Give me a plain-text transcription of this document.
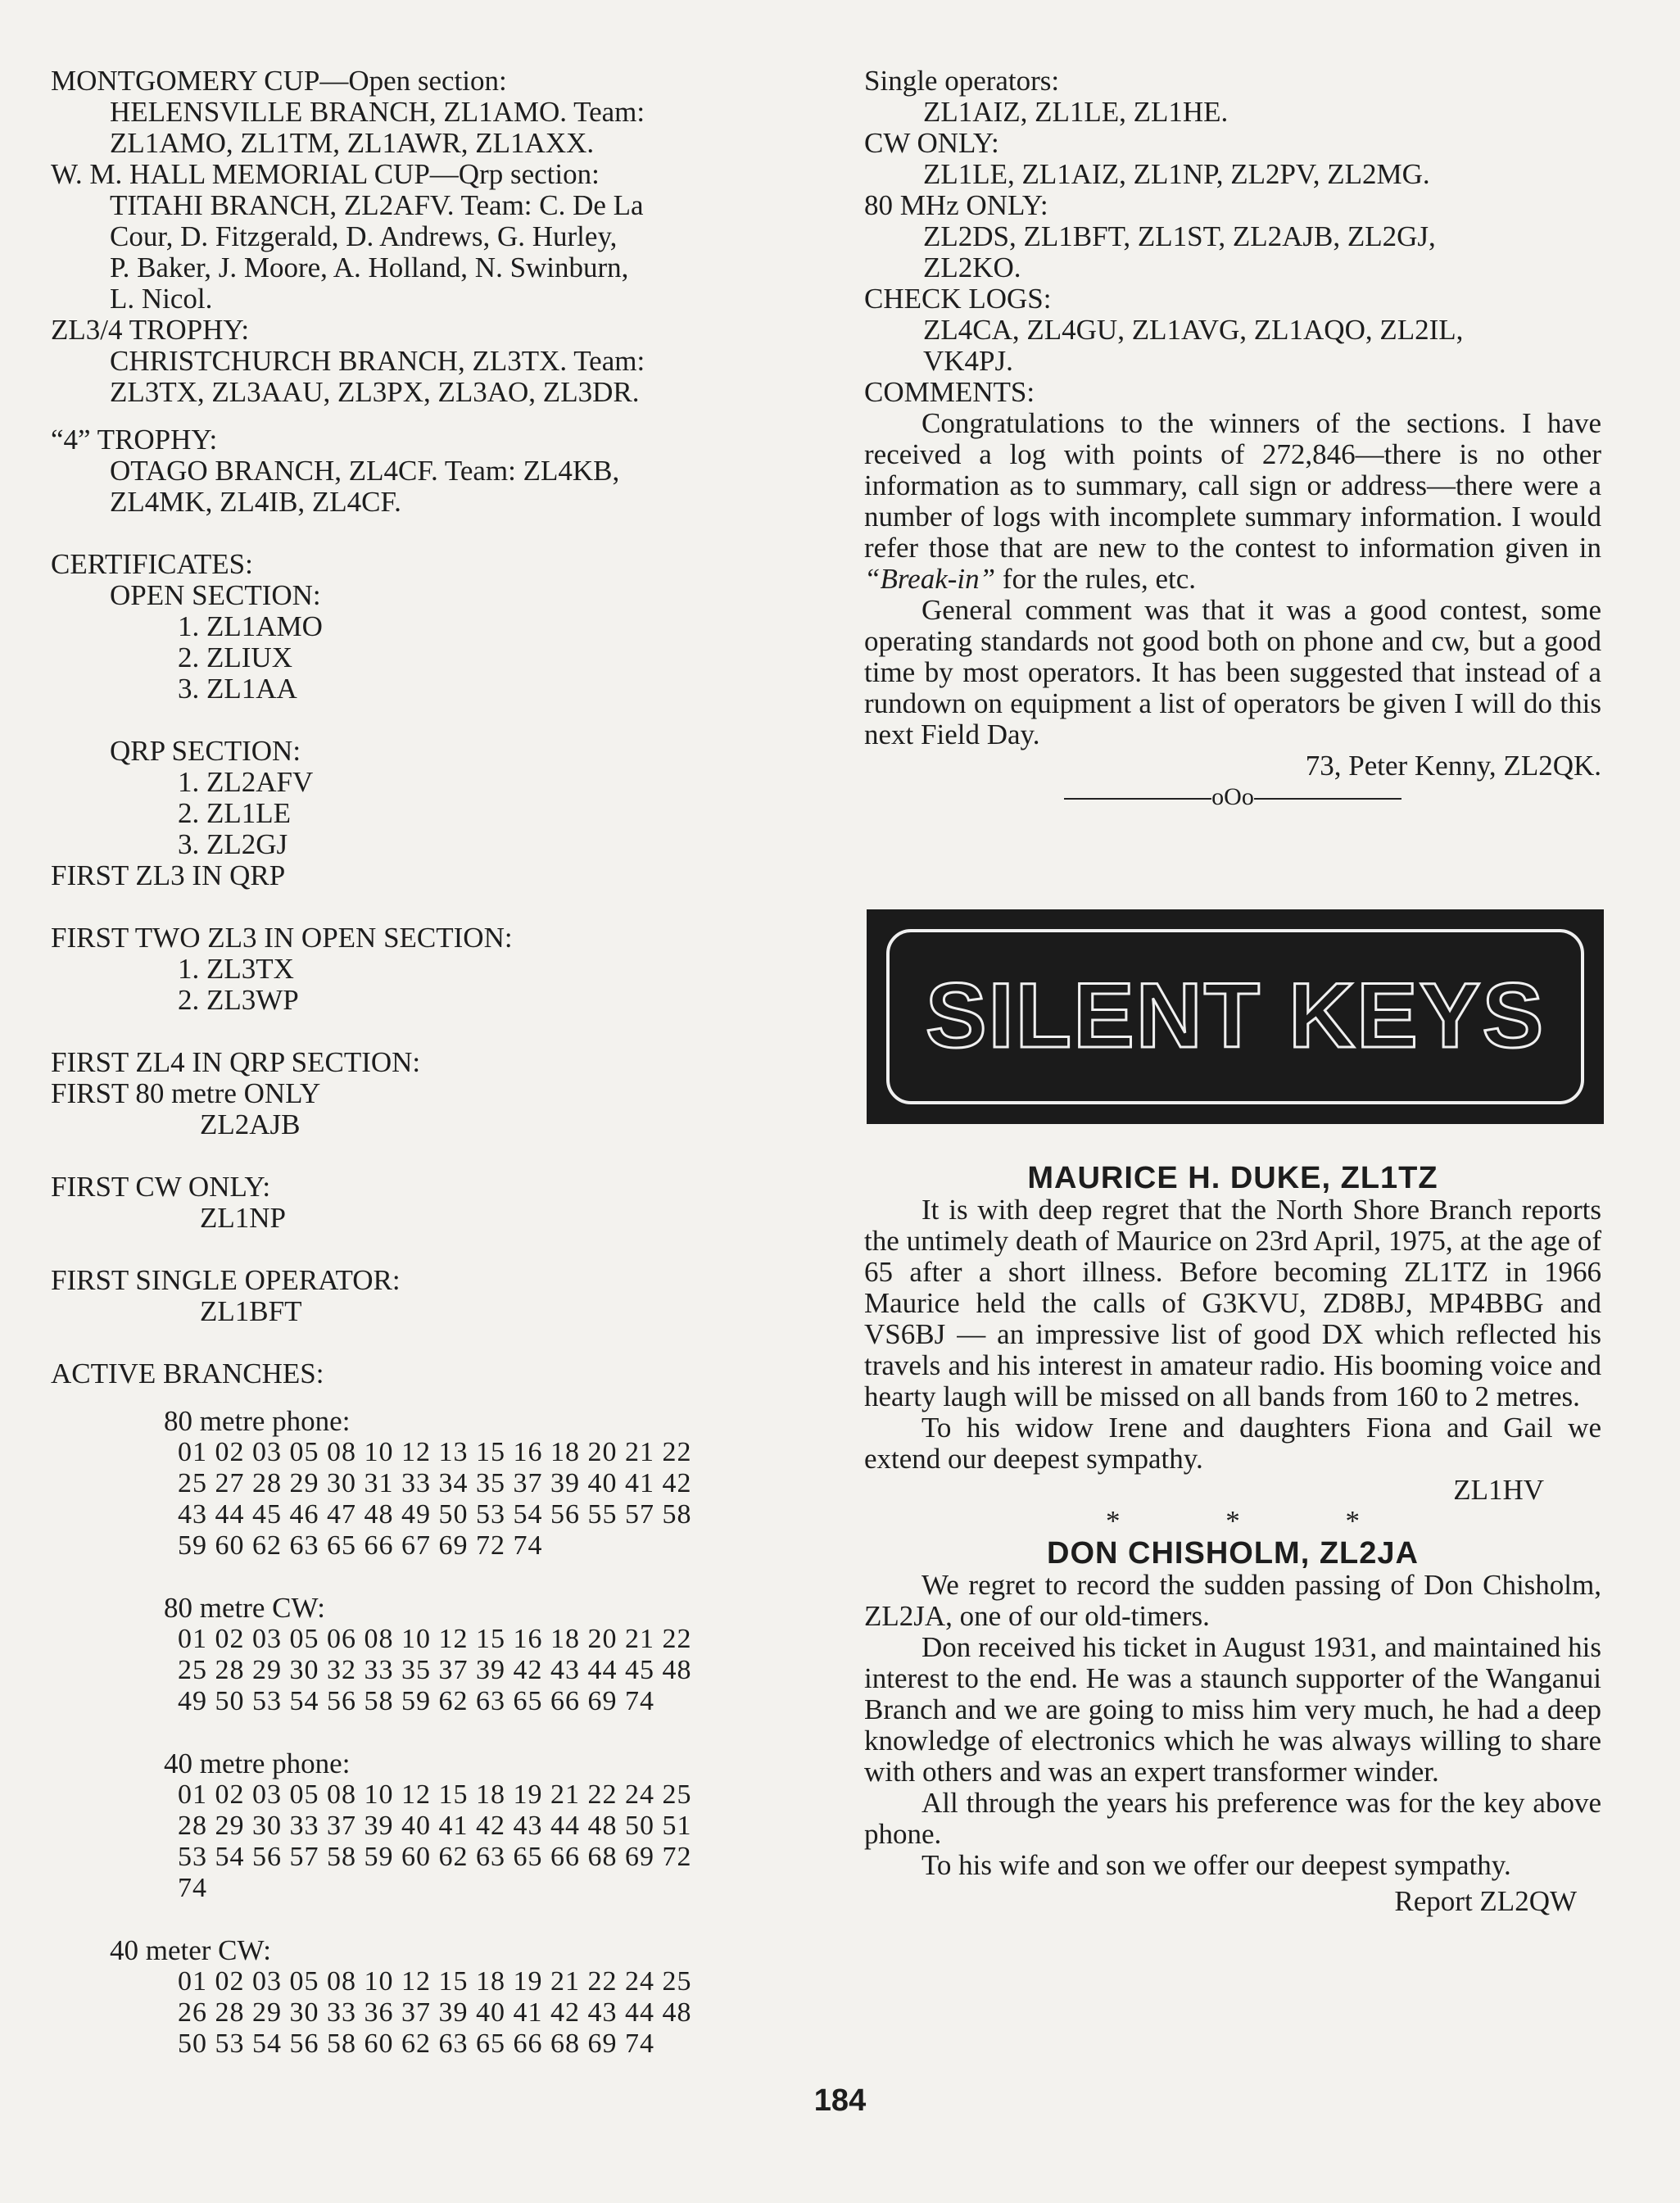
MONTGOMERY CUP—Open section:
HELENSVILLE BRANCH, ZL1AMO. Team:
ZL1AMO, ZL1TM, ZL1AWR, ZL1AXX.
W. M. HALL MEMORIAL CUP—Qrp section:
TITAHI BRANCH, ZL2AFV. Team: C. De La
Cour, D. Fitzgerald, D. Andrews, G. Hurley,
P. Baker, J. Moore, A. Holland, N. Swinburn,
L. Nicol.
ZL3/4 TROPHY:
CHRISTCHURCH BRANCH, ZL3TX. Team:
ZL3TX, ZL3AAU, ZL3PX, ZL3AO, ZL3DR.
“4” TROPHY:
OTAGO BRANCH, ZL4CF. Team: ZL4KB,
ZL4MK, ZL4IB, ZL4CF.
CERTIFICATES:
OPEN SECTION:
1. ZL1AMO
2. ZLIUX
3. ZL1AA
QRP SECTION:
1. ZL2AFV
2. ZL1LE
3. ZL2GJ
FIRST ZL3 IN QRP
FIRST TWO ZL3 IN OPEN SECTION:
1. ZL3TX
2. ZL3WP
FIRST ZL4 IN QRP SECTION:
FIRST 80 metre ONLY
ZL2AJB
FIRST CW ONLY:
ZL1NP
FIRST SINGLE OPERATOR:
ZL1BFT
ACTIVE BRANCHES:
80 metre phone:
01 02 03 05 08 10 12 13 15 16 18 20 21 22
25 27 28 29 30 31 33 34 35 37 39 40 41 42
43 44 45 46 47 48 49 50 53 54 56 55 57 58
59 60 62 63 65 66 67 69 72 74
80 metre CW:
01 02 03 05 06 08 10 12 15 16 18 20 21 22
25 28 29 30 32 33 35 37 39 42 43 44 45 48
49 50 53 54 56 58 59 62 63 65 66 69 74
40 metre phone:
01 02 03 05 08 10 12 15 18 19 21 22 24 25
28 29 30 33 37 39 40 41 42 43 44 48 50 51
53 54 56 57 58 59 60 62 63 65 66 68 69 72
74
40 meter CW:
01 02 03 05 08 10 12 15 18 19 21 22 24 25
26 28 29 30 33 36 37 39 40 41 42 43 44 48
50 53 54 56 58 60 62 63 65 66 68 69 74
Single operators:
ZL1AIZ, ZL1LE, ZL1HE.
CW ONLY:
ZL1LE, ZL1AIZ, ZL1NP, ZL2PV, ZL2MG.
80 MHz ONLY:
ZL2DS, ZL1BFT, ZL1ST, ZL2AJB, ZL2GJ,
ZL2KO.
CHECK LOGS:
ZL4CA, ZL4GU, ZL1AVG, ZL1AQO, ZL2IL,
VK4PJ.
COMMENTS:
Congratulations to the winners of the sections. I have received a log with points of 272,846—there is no other information as to summary, call sign or address—there were a number of logs with incomplete summary information. I would refer those that are new to the contest to information given in “Break-in” for the rules, etc.
General comment was that it was a good contest, some operating standards not good both on phone and cw, but a good time by most operators. It has been suggested that instead of a rundown on equipment a list of operators be given I will do this next Field Day.
73, Peter Kenny, ZL2QK.
oOo
SILENT KEYS
MAURICE H. DUKE, ZL1TZ
It is with deep regret that the North Shore Branch reports the untimely death of Maurice on 23rd April, 1975, at the age of 65 after a short illness. Before becoming ZL1TZ in 1966 Maurice held the calls of G3KVU, ZD8BJ, MP4BBG and VS6BJ — an impressive list of good DX which reflected his travels and his interest in amateur radio. His booming voice and hearty laugh will be missed on all bands from 160 to 2 metres.
To his widow Irene and daughters Fiona and Gail we extend our deepest sympathy.
ZL1HV
* * *
DON CHISHOLM, ZL2JA
We regret to record the sudden passing of Don Chisholm, ZL2JA, one of our old-timers.
Don received his ticket in August 1931, and maintained his interest to the end. He was a staunch supporter of the Wanganui Branch and we are going to miss him very much, he had a deep knowledge of electronics which he was always willing to share with others and was an expert transformer winder.
All through the years his preference was for the key above phone.
To his wife and son we offer our deepest sympathy.
Report ZL2QW
184
